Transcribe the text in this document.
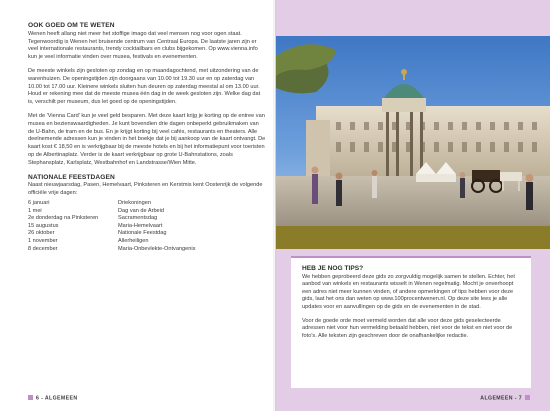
OOK GOED OM TE WETEN

Wenen heeft allang niet meer het stoffige imago dat veel mensen nog voor ogen staat. Tegenwoordig is Wenen het bruisende centrum van Centraal Europa. De laatste jaren zijn er veel internationale restaurants, trendy cocktailbars en clubs bijgekomen. Op www.vienna.info kun je veel informatie vinden over musea, festivals en evenementen.

De meeste winkels zijn gesloten op zondag en op maandagochtend, met uitzondering van de warenhuizen. De openingstijden zijn doorgaans van 10.00 tot 19.30 uur en op zaterdag van 10.00 tot 17.00 uur. Kleinere winkels sluiten hun deuren op zaterdag meestal al om 13.00 uur. Houd er rekening mee dat de meeste musea één dag in de week gesloten zijn. Welke dag dat is, verschilt per museum, dus let goed op de openingstijden.

Met de 'Vienna Card' kun je veel geld besparen. Met deze kaart krijg je korting op de entree van musea en bezienswaardigheden. Je kunt bovendien drie dagen onbeperkt gebruikmaken van de U-Bahn, de tram en de bus. En je krijgt korting bij veel cafés, restaurants en theaters. Alle deelnemende adressen kun je vinden in het boekje dat je bij aankoop van de kaart ontvangt. De kaart kost € 18,50 en is verkrijgbaar bij de meeste hotels en bij het informatiepunt voor toeristen op de Albertinaplatz. Verder is de kaart verkrijgbaar op grote U-Bahnstations, zoals Stephansplatz, Karlsplatz, Westbahnhof en Landstrasse/Wien Mitte.

NATIONALE FEESTDAGEN
Naast nieuwjaarsdag, Pasen, Hemelvaart, Pinksteren en Kerstmis kent Oostenrijk de volgende officiële vrije dagen:
6 januari	Driekoningen
1 mei	Dag van de Arbeid
2e donderdag na Pinksteren	Sacramentsdag
15 augustus	Maria-Hemelvaart
26 oktober	Nationale Feestdag
1 november	Allerheiligen
8 december	Maria-Onbevlekte-Ontvangenis
6 - ALGEMEEN
HEB JE NOG TIPS?

We hebben geprobeerd deze gids zo zorgvuldig mogelijk samen te stellen. Echter, het aanbod van winkels en restaurants wisselt in Wenen regelmatig. Mocht je onverhoopt een adres niet meer kunnen vinden, of andere opmerkingen of tips hebben voor deze gids, laat het ons dan weten op www.100procentwenen.nl. Op deze site lees je alle updates voor en aanvullingen op de gids en de evenementen in de stad.

Voor de goede orde moet vermeld worden dat alle voor deze gids geselecteerde adressen niet voor hun vermelding betaald hebben, niet voor de tekst en niet voor de foto's. Alle teksten zijn geschreven door de onafhankelijke redactie.

ALGEMEEN - 7
